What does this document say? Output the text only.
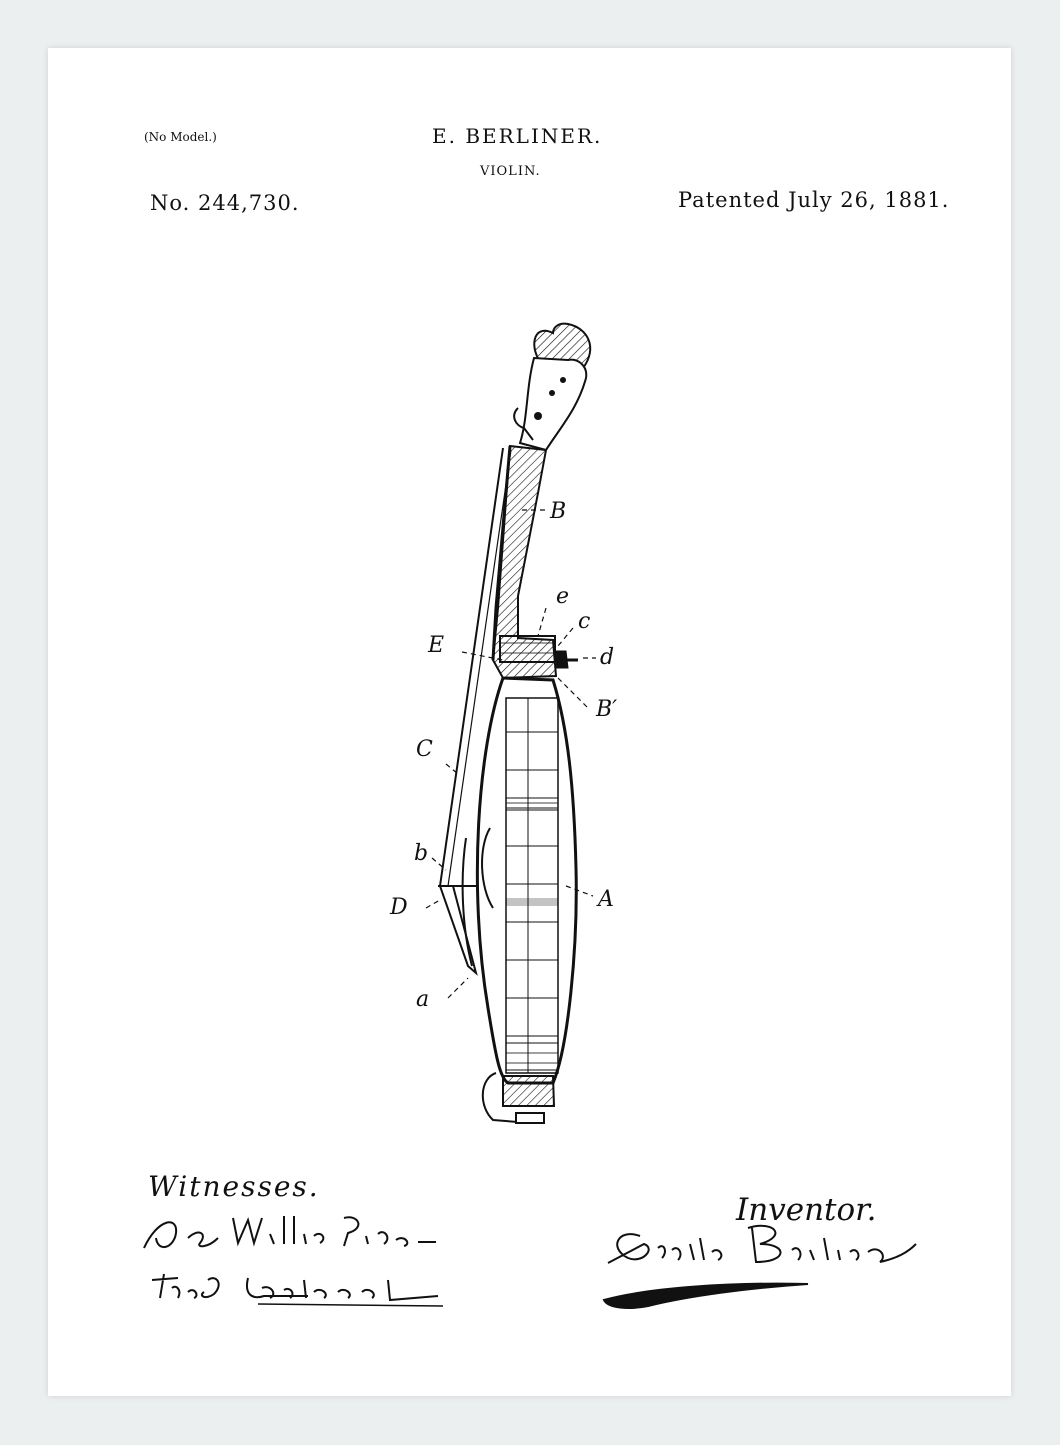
(No Model.)	E. BERLINER.
VIOLIN.
No. 244,730.	Patented July 26, 1881.
B
e
c
E	d
B′
C
b
D	A
a
Witnesses.
Inventor.
